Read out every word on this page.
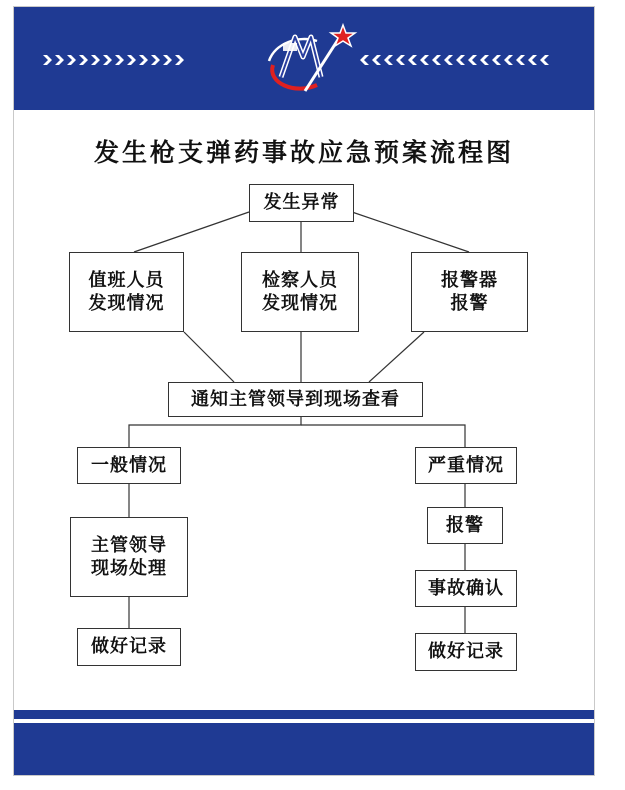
发生枪支弹药事故应急预案流程图
发生异常
值班人员
发现情况
检察人员
发现情况
报警器
报警
通知主管领导到现场查看
一般情况	严重情况
主管领导
现场处理
报警
事故确认
做好记录	做好记录
